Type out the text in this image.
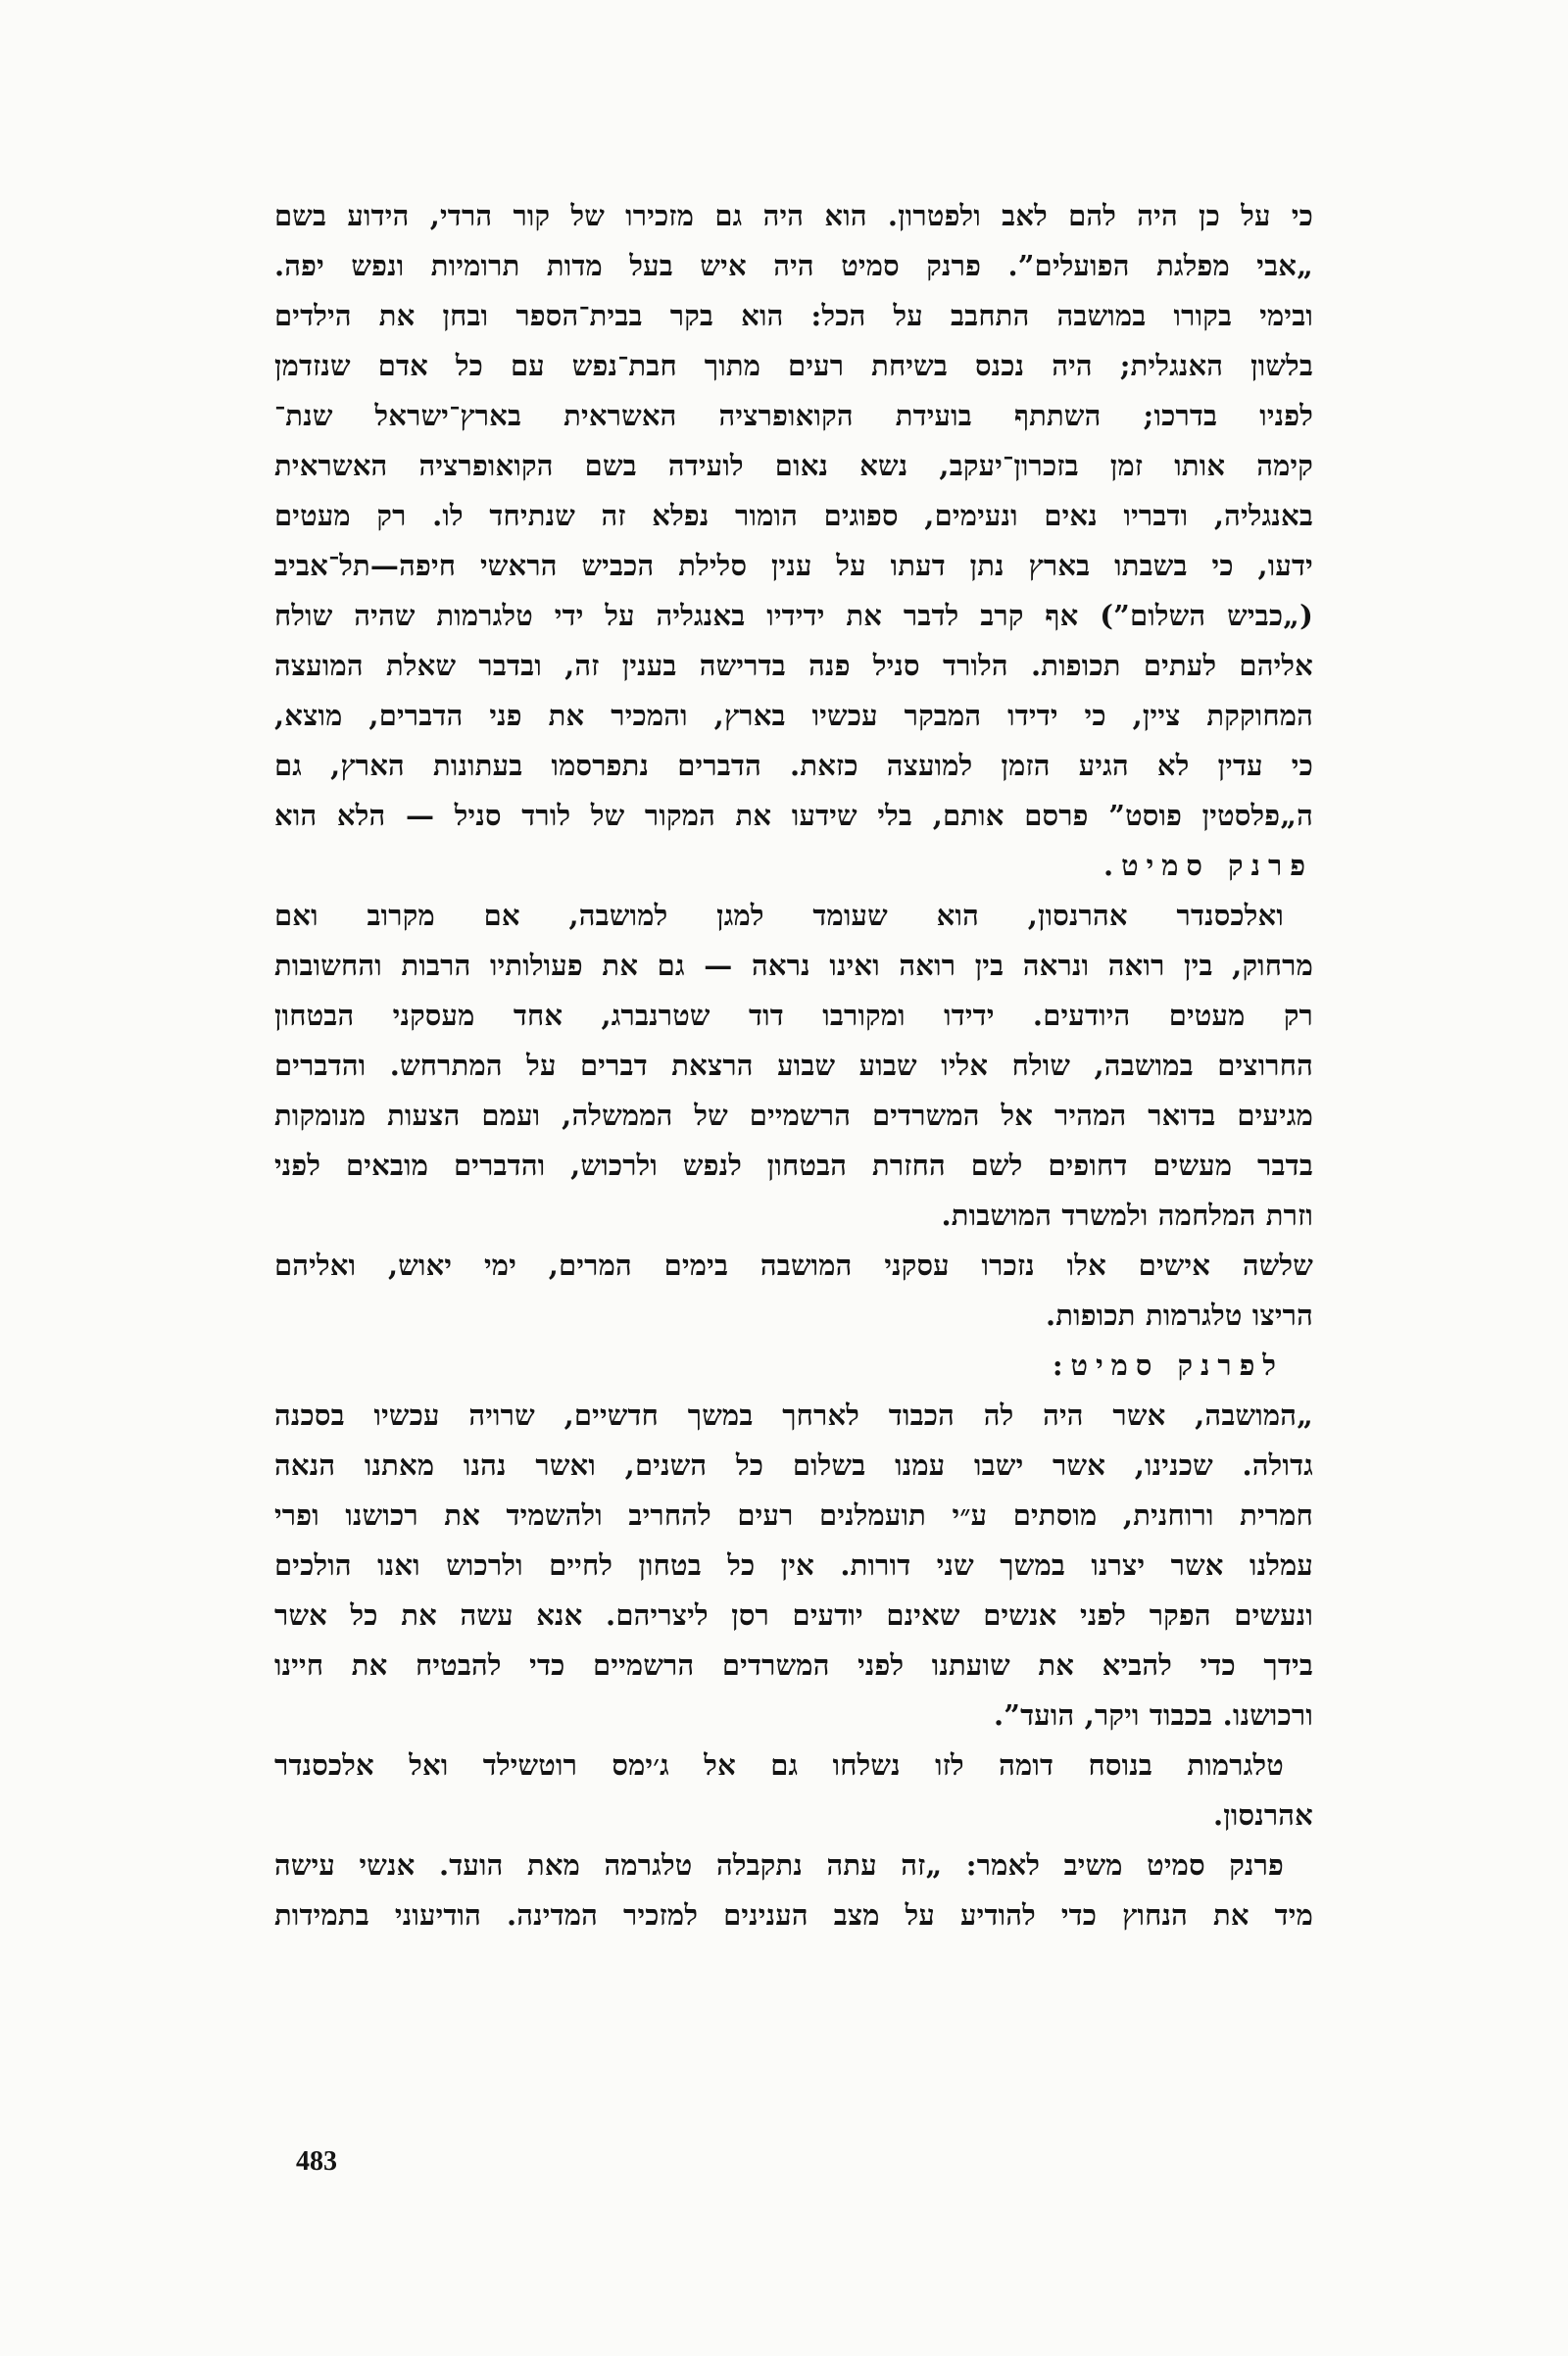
כי על כן היה להם לאב ולפטרון. הוא היה גם מזכירו של קור הרדי, הידוע בשם
„אבי מפלגת הפועלים”. פרנק סמיט היה איש בעל מדות תרומיות ונפש יפה.
ובימי בקורו במושבה התחבב על הכל: הוא בקר בבית־הספר ובחן את הילדים
בלשון האנגלית; היה נכנס בשיחת רעים מתוך חבת־נפש עם כל אדם שנזדמן
לפניו בדרכו; השתתף בועידת הקואופרציה האשראית בארץ־ישראל שנת־
קימה אותו זמן בזכרון־יעקב, נשא נאום לועידה בשם הקואופרציה האשראית
באנגליה, ודבריו נאים ונעימים, ספוגים הומור נפלא זה שנתיחד לו. רק מעטים
ידעו, כי בשבתו בארץ נתן דעתו על ענין סלילת הכביש הראשי חיפה—תל־אביב
(„כביש השלום”) אף קרב לדבר את ידידיו באנגליה על ידי טלגרמות שהיה שולח
אליהם לעתים תכופות. הלורד סניל פנה בדרישה בענין זה, ובדבר שאלת המועצה
המחוקקת ציין, כי ידידו המבקר עכשיו בארץ, והמכיר את פני הדברים, מוצא,
כי עדין לא הגיע הזמן למועצה כזאת. הדברים נתפרסמו בעתונות הארץ, גם
ה„פלסטין פוסט” פרסם אותם, בלי שידעו את המקור של לורד סניל — הלא הוא
פרנק סמיט.
ואלכסנדר אהרנסון, הוא שעומד למגן למושבה, אם מקרוב ואם
מרחוק, בין רואה ונראה בין רואה ואינו נראה — גם את פעולותיו הרבות והחשובות
רק מעטים היודעים. ידידו ומקורבו דוד שטרנברג, אחד מעסקני הבטחון
החרוצים במושבה, שולח אליו שבוע שבוע הרצאת דברים על המתרחש. והדברים
מגיעים בדואר המהיר אל המשרדים הרשמיים של הממשלה, ועמם הצעות מנומקות
בדבר מעשים דחופים לשם החזרת הבטחון לנפש ולרכוש, והדברים מובאים לפני
וזרת המלחמה ולמשרד המושבות.
שלשה אישים אלו נזכרו עסקני המושבה בימים המרים, ימי יאוש, ואליהם
הריצו טלגרמות תכופות.
לפרנק סמיט:
„המושבה, אשר היה לה הכבוד לארחך במשך חדשיים, שרויה עכשיו בסכנה
גדולה. שכנינו, אשר ישבו עמנו בשלום כל השנים, ואשר נהנו מאתנו הנאה
חמרית ורוחנית, מוסתים ע״י תועמלנים רעים להחריב ולהשמיד את רכושנו ופרי
עמלנו אשר יצרנו במשך שני דורות. אין כל בטחון לחיים ולרכוש ואנו הולכים
ונעשים הפקר לפני אנשים שאינם יודעים רסן ליצריהם. אנא עשה את כל אשר
בידך כדי להביא את שועתנו לפני המשרדים הרשמיים כדי להבטיח את חיינו
ורכושנו. בכבוד ויקר, הועד”.
טלגרמות בנוסח דומה לזו נשלחו גם אל ג׳ימס רוטשילד ואל אלכסנדר
אהרנסון.
פרנק סמיט משיב לאמר: „זה עתה נתקבלה טלגרמה מאת הועד. אנשי עישה
מיד את הנחוץ כדי להודיע על מצב הענינים למזכיר המדינה. הודיעוני בתמידות
483
